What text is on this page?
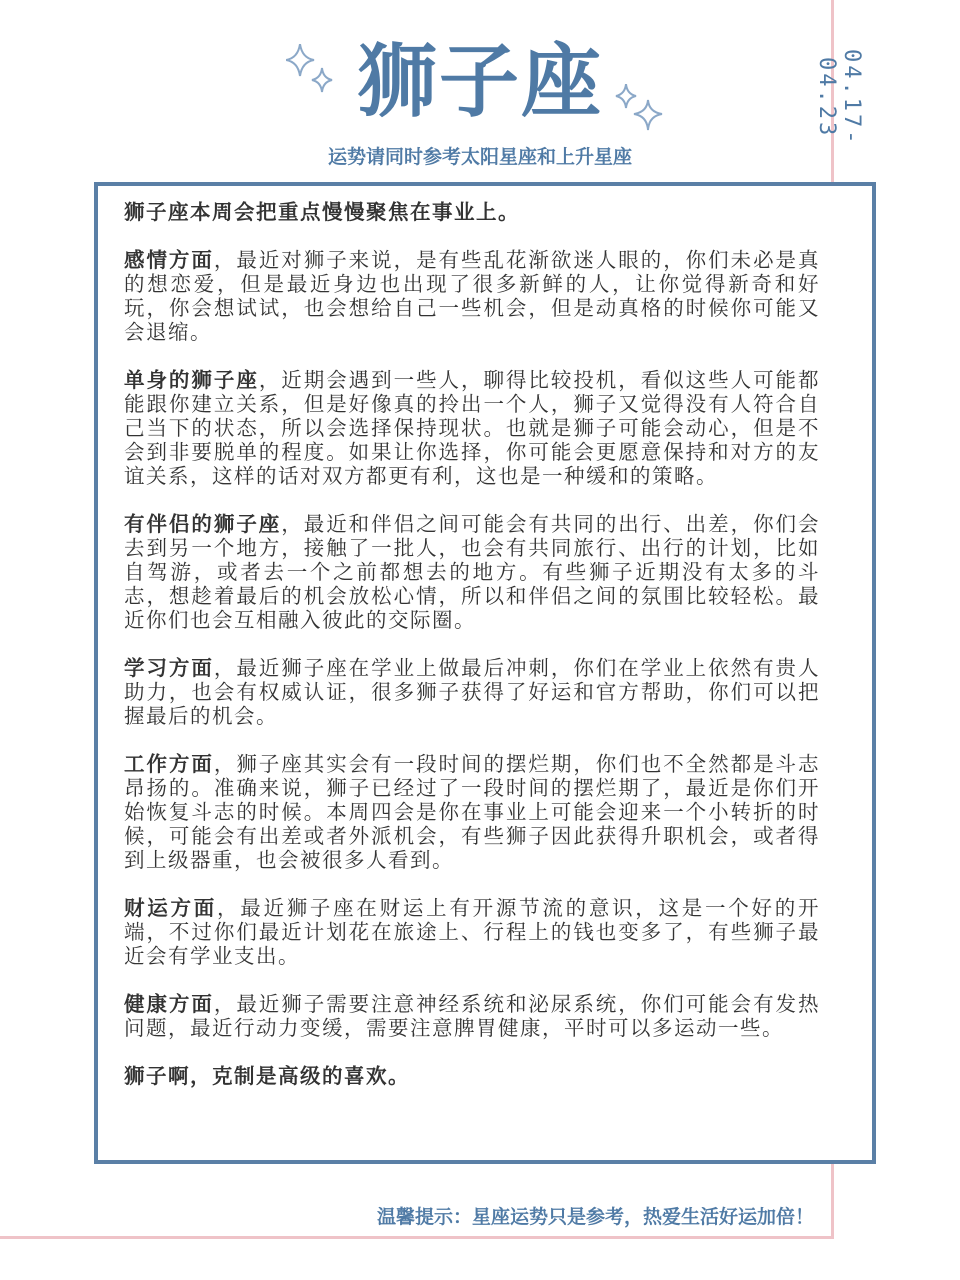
狮子座
运势请同时参考太阳星座和上升星座
04.17-04.23

狮子座本周会把重点慢慢聚焦在事业上。

感情方面，最近对狮子来说，是有些乱花渐欲迷人眼的，你们未必是真的想恋爱，但是最近身边也出现了很多新鲜的人，让你觉得新奇和好玩，你会想试试，也会想给自己一些机会，但是动真格的时候你可能又会退缩。

单身的狮子座，近期会遇到一些人，聊得比较投机，看似这些人可能都能跟你建立关系，但是好像真的拎出一个人，狮子又觉得没有人符合自己当下的状态，所以会选择保持现状。也就是狮子可能会动心，但是不会到非要脱单的程度。如果让你选择，你可能会更愿意保持和对方的友谊关系，这样的话对双方都更有利，这也是一种缓和的策略。

有伴侣的狮子座，最近和伴侣之间可能会有共同的出行、出差，你们会去到另一个地方，接触了一批人，也会有共同旅行、出行的计划，比如自驾游，或者去一个之前都想去的地方。有些狮子近期没有太多的斗志，想趁着最后的机会放松心情，所以和伴侣之间的氛围比较轻松。最近你们也会互相融入彼此的交际圈。

学习方面，最近狮子座在学业上做最后冲刺，你们在学业上依然有贵人助力，也会有权威认证，很多狮子获得了好运和官方帮助，你们可以把握最后的机会。

工作方面，狮子座其实会有一段时间的摆烂期，你们也不全然都是斗志昂扬的。准确来说，狮子已经过了一段时间的摆烂期了，最近是你们开始恢复斗志的时候。本周四会是你在事业上可能会迎来一个小转折的时候，可能会有出差或者外派机会，有些狮子因此获得升职机会，或者得到上级器重，也会被很多人看到。

财运方面，最近狮子座在财运上有开源节流的意识，这是一个好的开端，不过你们最近计划花在旅途上、行程上的钱也变多了，有些狮子最近会有学业支出。

健康方面，最近狮子需要注意神经系统和泌尿系统，你们可能会有发热问题，最近行动力变缓，需要注意脾胃健康，平时可以多运动一些。

狮子啊，克制是高级的喜欢。

温馨提示：星座运势只是参考，热爱生活好运加倍！
